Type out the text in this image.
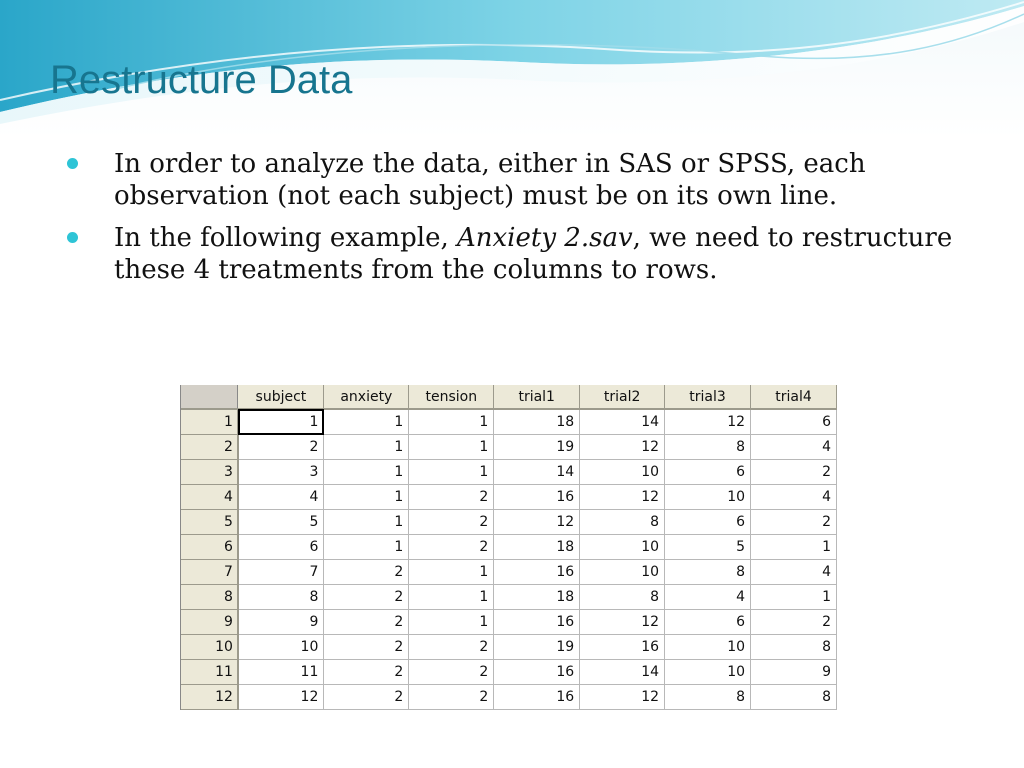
Restructure Data
In order to analyze the data, either in SAS or SPSS, each observation (not each subject) must be on its own line.
In the following example, Anxiety 2.sav, we need to restructure these 4 treatments from the columns to rows.
	subject	anxiety	tension	trial1	trial2	trial3	trial4
1	1	1	1	18	14	12	6
2	2	1	1	19	12	8	4
3	3	1	1	14	10	6	2
4	4	1	2	16	12	10	4
5	5	1	2	12	8	6	2
6	6	1	2	18	10	5	1
7	7	2	1	16	10	8	4
8	8	2	1	18	8	4	1
9	9	2	1	16	12	6	2
10	10	2	2	19	16	10	8
11	11	2	2	16	14	10	9
12	12	2	2	16	12	8	8
